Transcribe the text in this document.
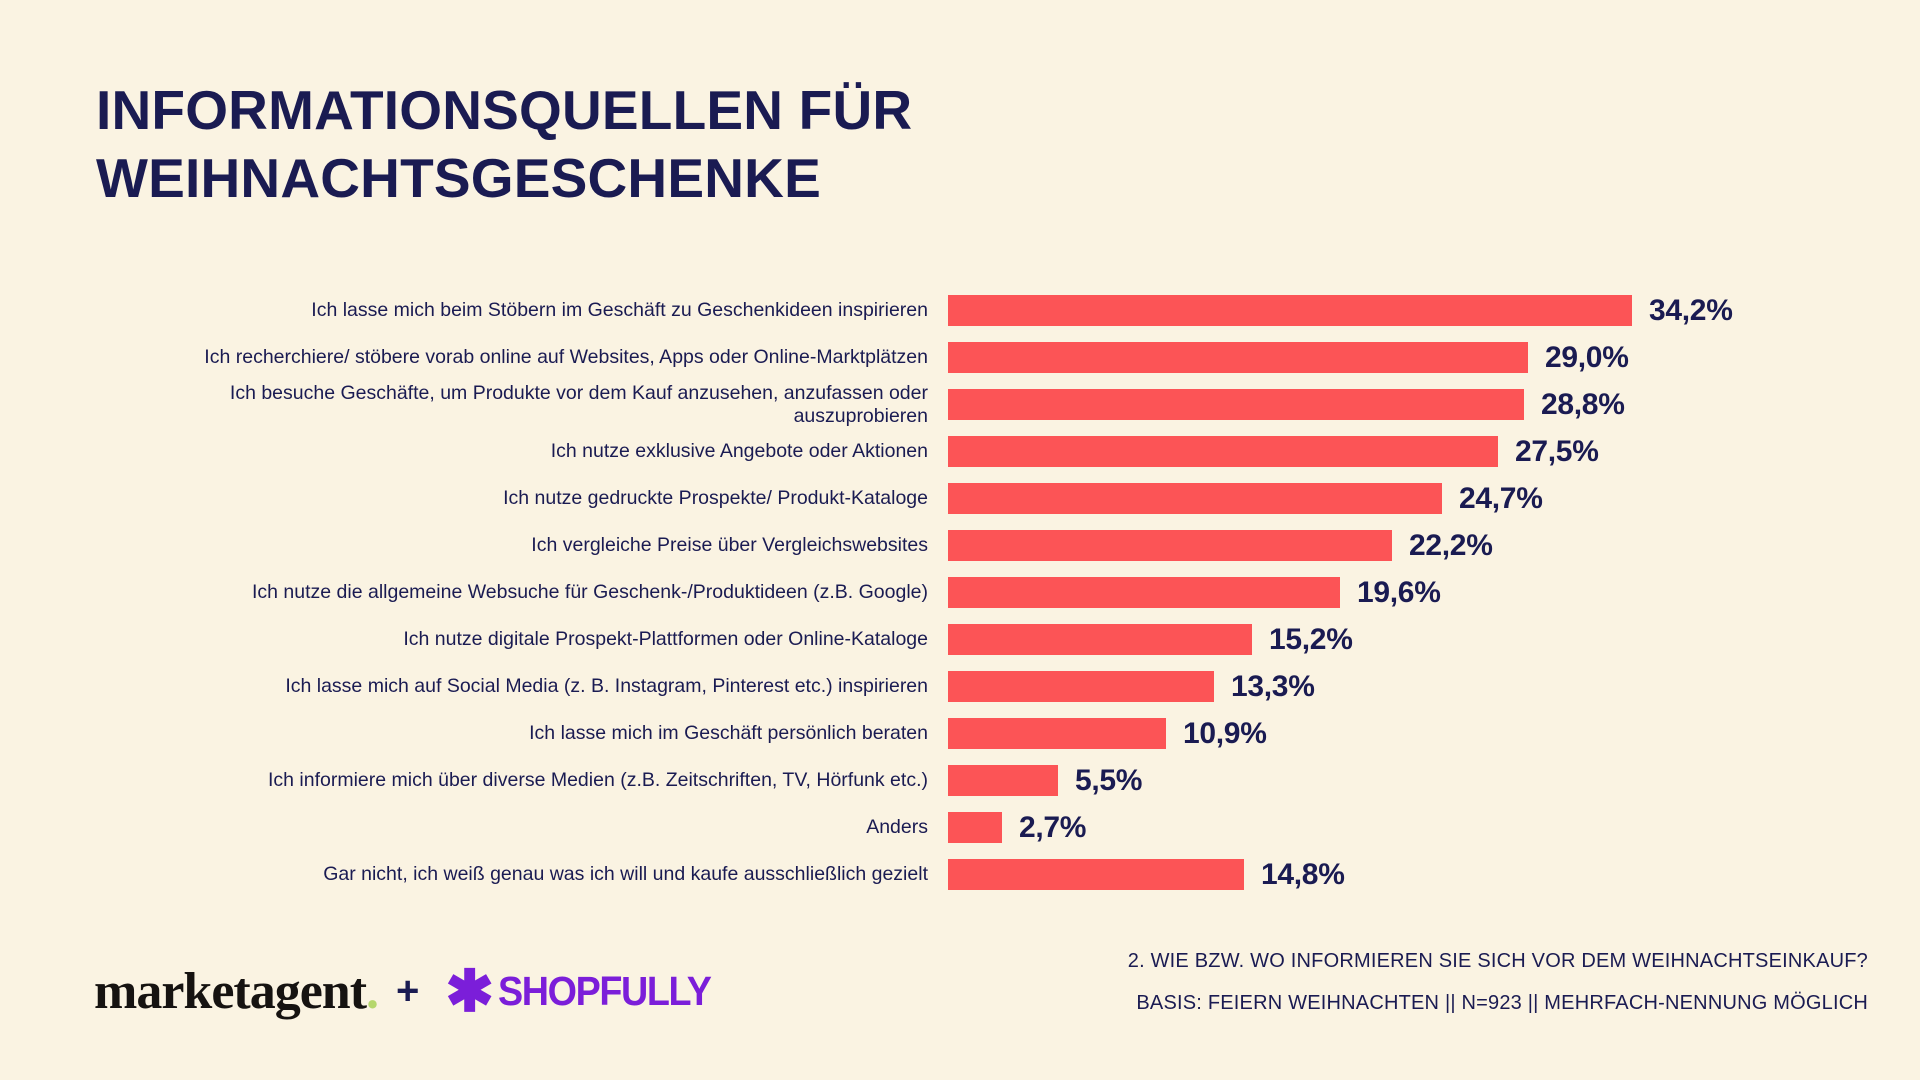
INFORMATIONSQUELLEN FÜR
WEIHNACHTSGESCHENKE
Ich lasse mich beim Stöbern im Geschäft zu Geschenkideen inspirieren	34,2%
Ich recherchiere/ stöbere vorab online auf Websites, Apps oder Online-Marktplätzen	29,0%
Ich besuche Geschäfte, um Produkte vor dem Kauf anzusehen, anzufassen oder auszuprobieren	28,8%
Ich nutze exklusive Angebote oder Aktionen	27,5%
Ich nutze gedruckte Prospekte/ Produkt-Kataloge	24,7%
Ich vergleiche Preise über Vergleichswebsites	22,2%
Ich nutze die allgemeine Websuche für Geschenk-/Produktideen (z.B. Google)	19,6%
Ich nutze digitale Prospekt-Plattformen oder Online-Kataloge	15,2%
Ich lasse mich auf Social Media (z. B. Instagram, Pinterest etc.) inspirieren	13,3%
Ich lasse mich im Geschäft persönlich beraten	10,9%
Ich informiere mich über diverse Medien (z.B. Zeitschriften, TV, Hörfunk etc.)	5,5%
Anders	2,7%
Gar nicht, ich weiß genau was ich will und kaufe ausschließlich gezielt	14,8%
marketagent. + ✱ SHOPFULLY
2. WIE BZW. WO INFORMIEREN SIE SICH VOR DEM WEIHNACHTSEINKAUF?
BASIS: FEIERN WEIHNACHTEN || N=923 || MEHRFACH-NENNUNG MÖGLICH
